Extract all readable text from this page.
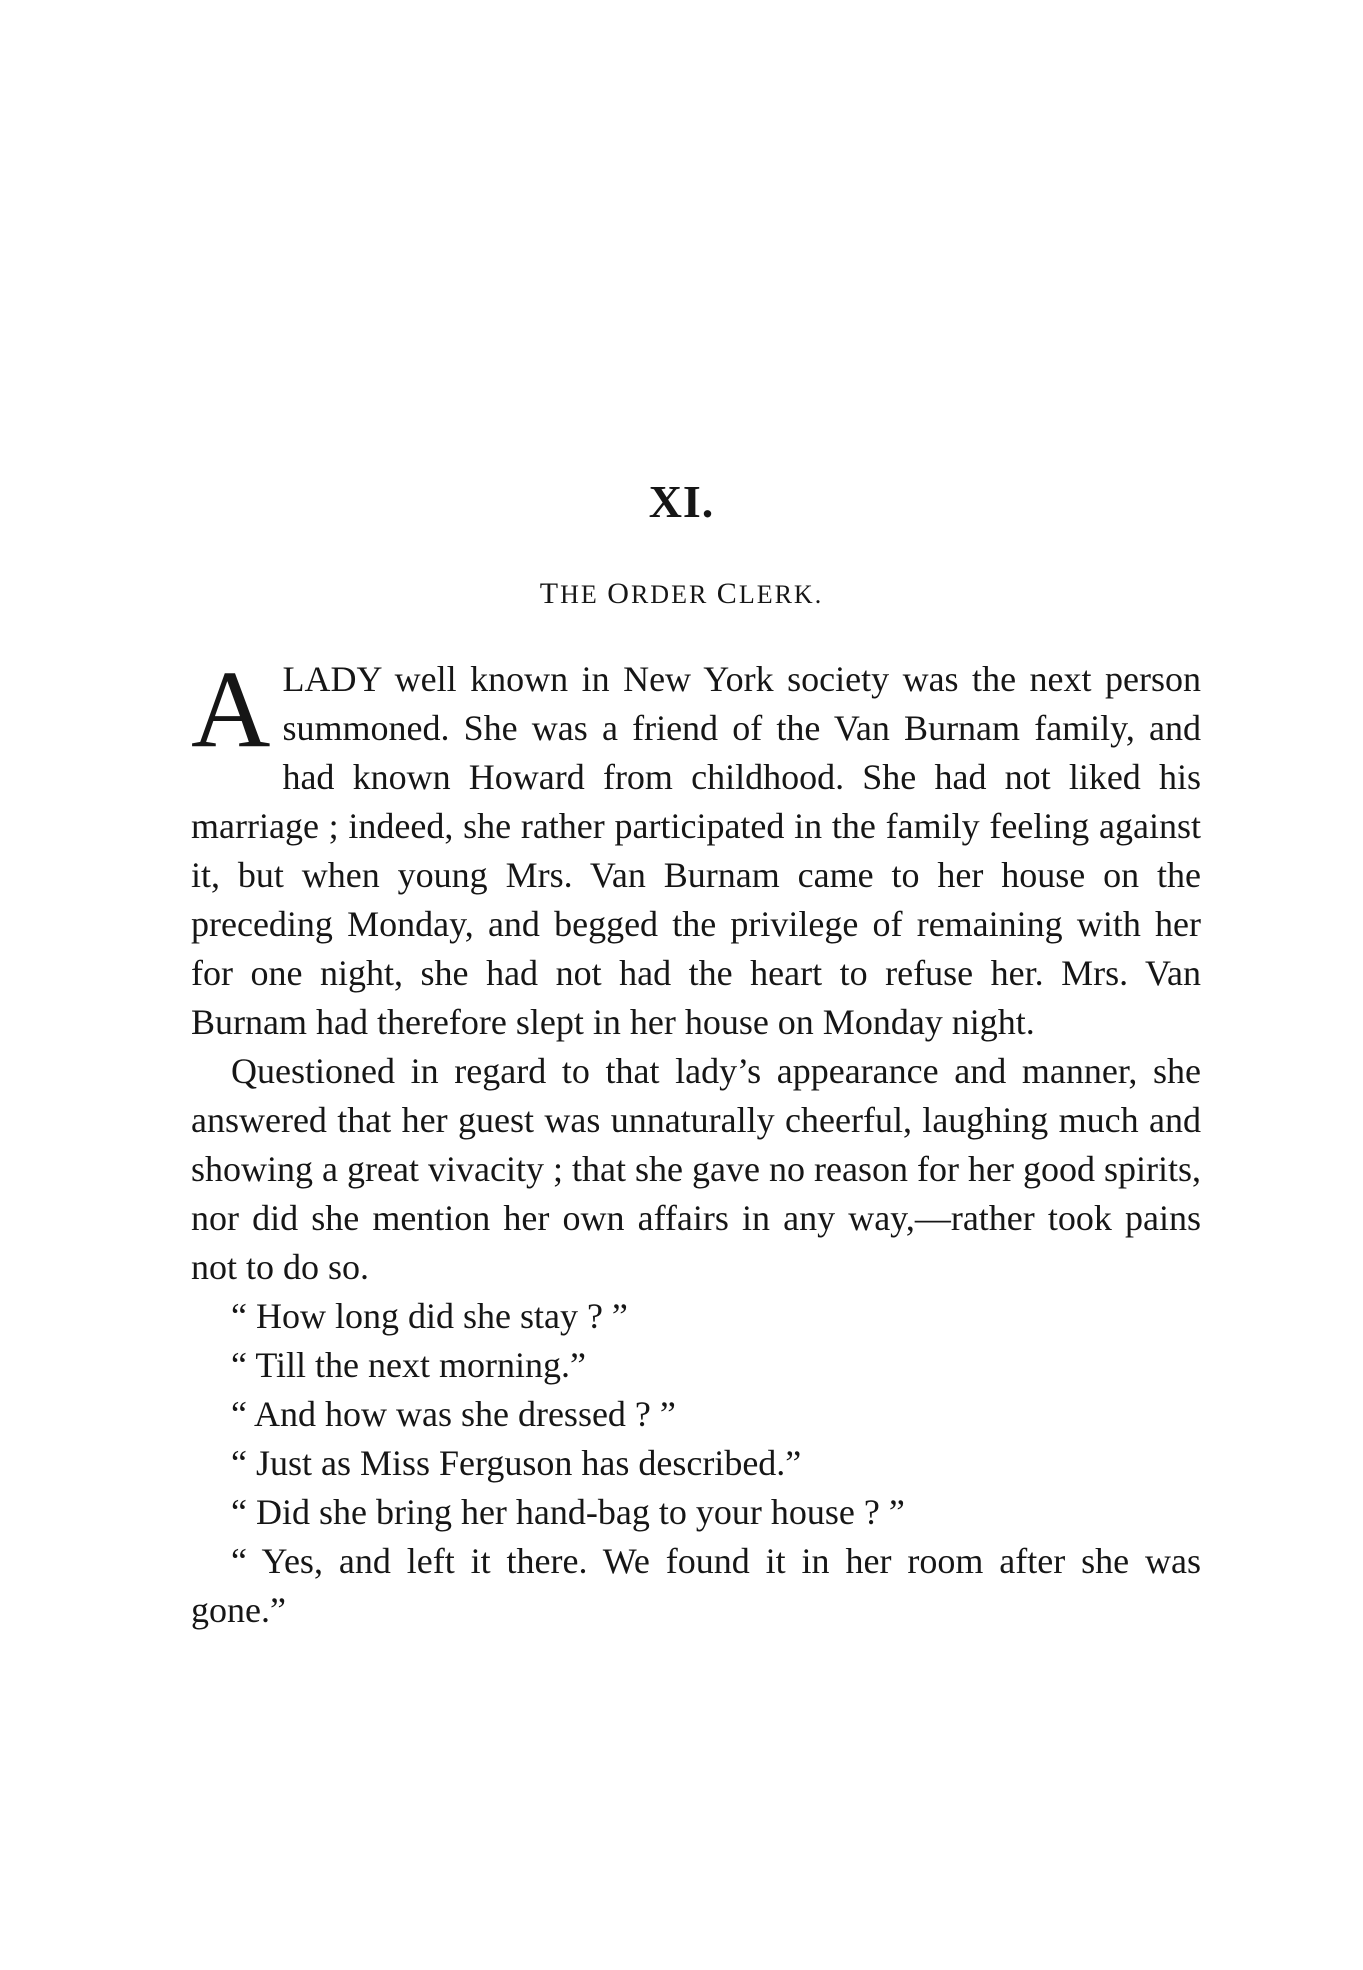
XI.
THE ORDER CLERK.

ALADY well known in New York society was the next person summoned. She was a friend of the Van Burnam family, and had known Howard from childhood. She had not liked his marriage ; indeed, she rather participated in the family feeling against it, but when young Mrs. Van Burnam came to her house on the preceding Monday, and begged the privilege of remaining with her for one night, she had not had the heart to refuse her. Mrs. Van Burnam had therefore slept in her house on Monday night.

Questioned in regard to that lady’s appearance and manner, she answered that her guest was unnaturally cheerful, laughing much and showing a great vivacity ; that she gave no reason for her good spirits, nor did she mention her own affairs in any way,—rather took pains not to do so.

“ How long did she stay ? ”

“ Till the next morning.”

“ And how was she dressed ? ”

“ Just as Miss Ferguson has described.”

“ Did she bring her hand-bag to your house ? ”

“ Yes, and left it there. We found it in her room after she was gone.”
